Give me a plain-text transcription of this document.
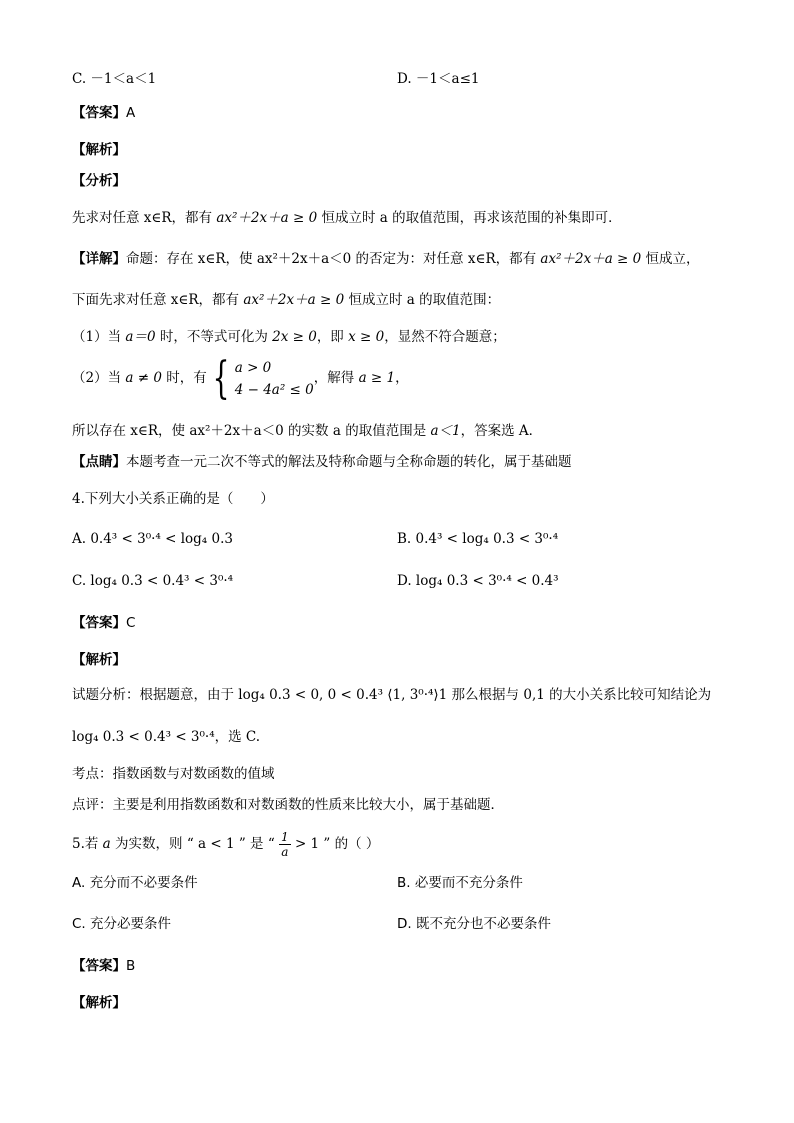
C. －1＜a＜1	D. －1＜a≤1
【答案】A
【解析】
【分析】
先求对任意 x∈R，都有 ax²＋2x＋a ≥ 0 恒成立时 a 的取值范围，再求该范围的补集即可．
【详解】命题：存在 x∈R，使 ax²＋2x＋a＜0 的否定为：对任意 x∈R，都有 ax²＋2x＋a ≥ 0 恒成立，
下面先求对任意 x∈R，都有 ax²＋2x＋a ≥ 0 恒成立时 a 的取值范围：
（1）当 a＝0 时，不等式可化为 2x ≥ 0，即 x ≥ 0，显然不符合题意；
（2）当 a ≠ 0 时，有 { a > 0
4 − 4a² ≤ 0
，解得 a ≥ 1，
所以存在 x∈R，使 ax²＋2x＋a＜0 的实数 a 的取值范围是 a＜1，答案选 A．
【点睛】本题考查一元二次不等式的解法及特称命题与全称命题的转化，属于基础题
4.下列大小关系正确的是（　　）
A. 0.4³ < 3⁰·⁴ < log₄ 0.3	B. 0.4³ < log₄ 0.3 < 3⁰·⁴
C. log₄ 0.3 < 0.4³ < 3⁰·⁴	D. log₄ 0.3 < 3⁰·⁴ < 0.4³
【答案】C
【解析】
试题分析：根据题意，由于 log₄ 0.3 < 0, 0 < 0.4³ ⟨1, 3⁰·⁴⟩1 那么根据与 0,1 的大小关系比较可知结论为
log₄ 0.3 < 0.4³ < 3⁰·⁴，选 C.
考点：指数函数与对数函数的值域
点评：主要是利用指数函数和对数函数的性质来比较大小，属于基础题．
5.若 a 为实数，则 “ a < 1 ” 是 “ $\frac{1}{a} > 1$ ” 的（ ）
A. 充分而不必要条件	B. 必要而不充分条件
C. 充分必要条件	D. 既不充分也不必要条件
【答案】B
【解析】
